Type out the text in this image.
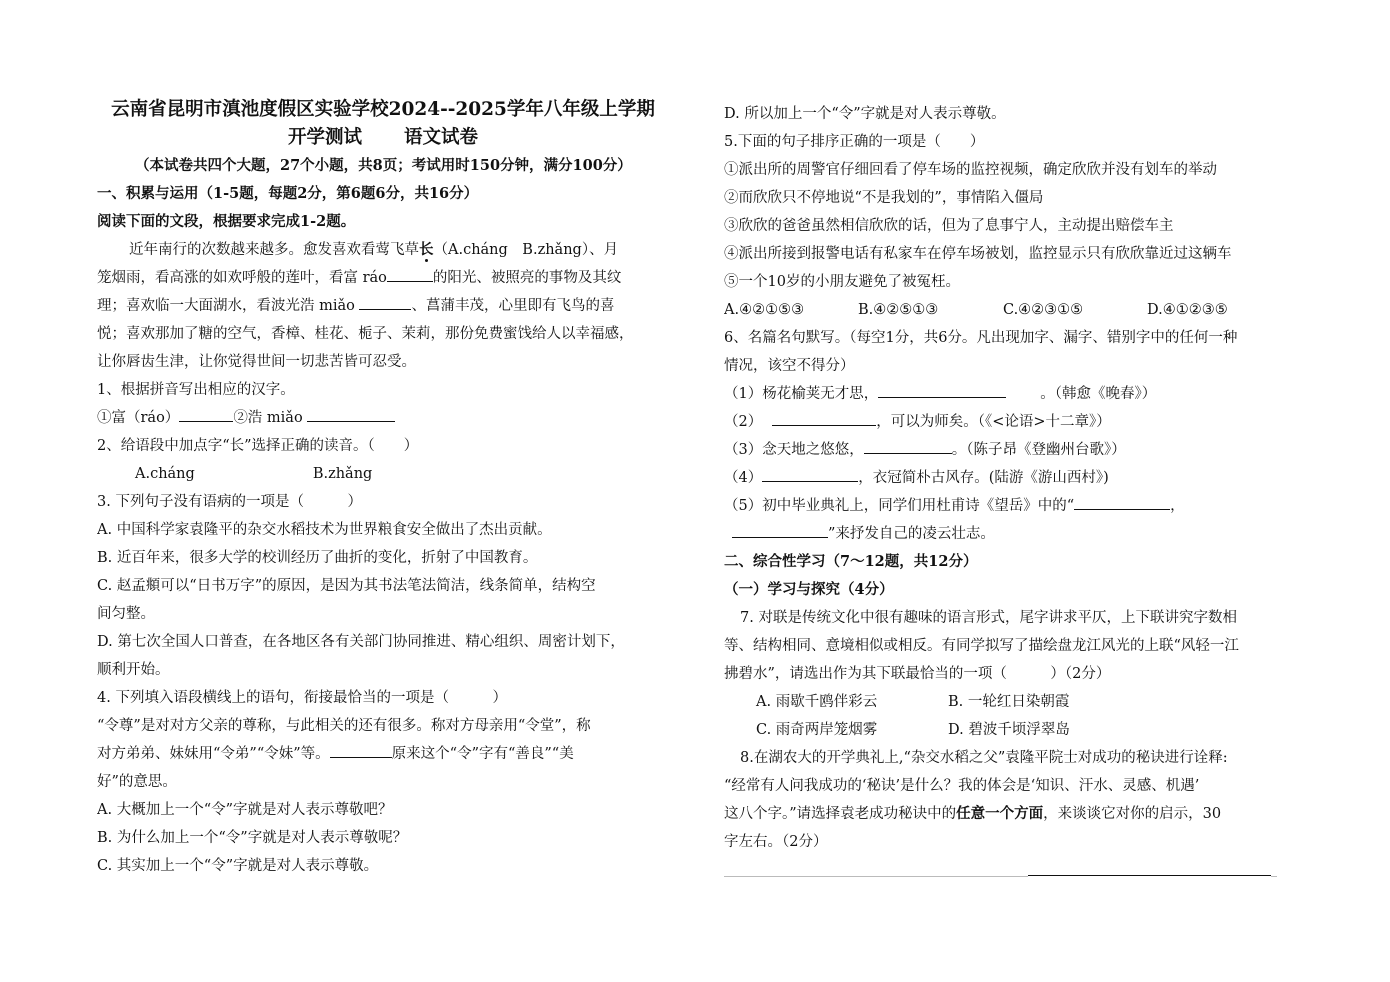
云南省昆明市滇池度假区实验学校2024--2025学年八年级上学期
开学测试 语文试卷
（本试卷共四个大题，27个小题，共8页；考试用时150分钟，满分100分）
一、积累与运用（1-5题，每题2分，第6题6分，共16分）
阅读下面的文段，根据要求完成1-2题。
近年南行的次数越来越多。愈发喜欢看莺飞草长（A.cháng　B.zhǎng）、月
笼烟雨，看高涨的如欢呼般的莲叶，看富 ráo	的阳光、被照亮的事物及其纹
理；喜欢临一大面湖水，看波光浩 miǎo	、菖蒲丰茂，心里即有飞鸟的喜
悦；喜欢那加了糖的空气，香樟、桂花、栀子、茉莉，那份免费蜜饯给人以幸福感，
让你唇齿生津，让你觉得世间一切悲苦皆可忍受。
1、根据拼音写出相应的汉字。
①富（ráo）	②浩 miǎo
2、给语段中加点字“长”选择正确的读音。（　　）
A.cháng	B.zhǎng
3. 下列句子没有语病的一项是（　　　）
A. 中国科学家袁隆平的杂交水稻技术为世界粮食安全做出了杰出贡献。
B. 近百年来，很多大学的校训经历了曲折的变化，折射了中国教育。
C. 赵孟頫可以“日书万字”的原因，是因为其书法笔法简洁，线条简单，结构空
间匀整。
D. 第七次全国人口普查，在各地区各有关部门协同推进、精心组织、周密计划下，
顺利开始。
4. 下列填入语段横线上的语句，衔接最恰当的一项是（　　　）
“令尊”是对对方父亲的尊称，与此相关的还有很多。称对方母亲用“令堂”，称
对方弟弟、妹妹用“令弟”“令妹”等。	原来这个“令”字有“善良”“美
好”的意思。
A. 大概加上一个“令”字就是对人表示尊敬吧？
B. 为什么加上一个“令”字就是对人表示尊敬呢？
C. 其实加上一个“令”字就是对人表示尊敬。
D. 所以加上一个“令”字就是对人表示尊敬。
5.下面的句子排序正确的一项是（　　）
①派出所的周警官仔细回看了停车场的监控视频，确定欣欣并没有划车的举动
②而欣欣只不停地说“不是我划的”，事情陷入僵局
③欣欣的爸爸虽然相信欣欣的话，但为了息事宁人，主动提出赔偿车主
④派出所接到报警电话有私家车在停车场被划，监控显示只有欣欣靠近过这辆车
⑤一个10岁的小朋友避免了被冤枉。
A.④②①⑤③	B.④②⑤①③	C.④②③①⑤	D.④①②③⑤
6、名篇名句默写。（每空1分，共6分。凡出现加字、漏字、错别字中的任何一种
情况，该空不得分）
（1）杨花榆荚无才思，	。（韩愈《晚春》）
（2）	，可以为师矣。（《<论语>十二章》）
（3）念天地之悠悠，	。（陈子昂《登幽州台歌》）
（4）	，衣冠简朴古风存。(陆游《游山西村》)
（5）初中毕业典礼上，同学们用杜甫诗《望岳》中的“	，
”来抒发自己的凌云壮志。
二、综合性学习（7～12题，共12分）
（一）学习与探究（4分）
7. 对联是传统文化中很有趣味的语言形式，尾字讲求平仄，上下联讲究字数相
等、结构相同、意境相似或相反。有同学拟写了描绘盘龙江风光的上联“风轻一江
拂碧水”，请选出作为其下联最恰当的一项（　　　）（2分）
A. 雨歇千鸥伴彩云	B. 一轮红日染朝霞
C. 雨奇两岸笼烟雾	D. 碧波千顷浮翠岛
8.在湖农大的开学典礼上,“杂交水稻之父”袁隆平院士对成功的秘诀进行诠释:
“经常有人问我成功的‘秘诀’是什么？我的体会是‘知识、汗水、灵感、机遇’
这八个字。”请选择袁老成功秘诀中的任意一个方面，来谈谈它对你的启示，30
字左右。（2分）
